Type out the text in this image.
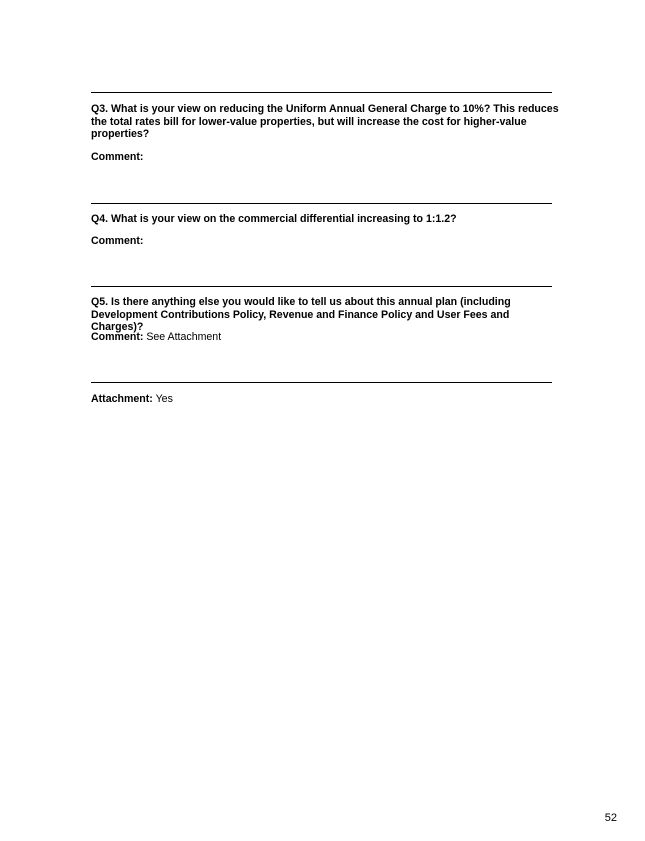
Q3. What is your view on reducing the Uniform Annual General Charge to 10%? This reduces the total rates bill for lower-value properties, but will increase the cost for higher-value properties?
Comment:
Q4. What is your view on the commercial differential increasing to 1:1.2?
Comment:
Q5. Is there anything else you would like to tell us about this annual plan (including Development Contributions Policy, Revenue and Finance Policy and User Fees and Charges)?
Comment: See Attachment
Attachment: Yes
52
